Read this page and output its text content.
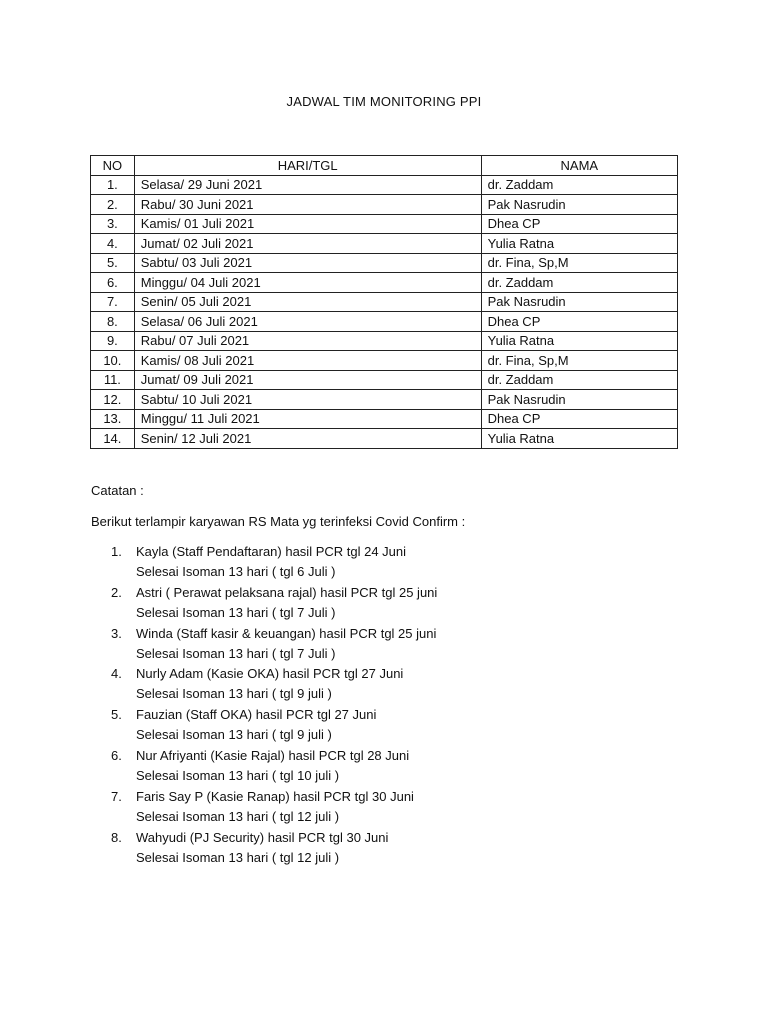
JADWAL TIM MONITORING PPI
NO	HARI/TGL	NAMA
1.	Selasa/ 29 Juni 2021	dr. Zaddam
2.	Rabu/ 30 Juni 2021	Pak Nasrudin
3.	Kamis/ 01 Juli 2021	Dhea CP
4.	Jumat/ 02 Juli 2021	Yulia Ratna
5.	Sabtu/ 03 Juli 2021	dr. Fina, Sp,M
6.	Minggu/ 04 Juli 2021	dr. Zaddam
7.	Senin/ 05 Juli 2021	Pak Nasrudin
8.	Selasa/ 06 Juli 2021	Dhea CP
9.	Rabu/ 07 Juli 2021	Yulia Ratna
10.	Kamis/ 08 Juli 2021	dr. Fina, Sp,M
11.	Jumat/ 09 Juli 2021	dr. Zaddam
12.	Sabtu/ 10 Juli 2021	Pak Nasrudin
13.	Minggu/ 11 Juli 2021	Dhea CP
14.	Senin/ 12 Juli 2021	Yulia Ratna
Catatan :
Berikut terlampir karyawan RS Mata yg terinfeksi Covid Confirm :
1.	Kayla (Staff Pendaftaran) hasil PCR tgl 24 Juni
Selesai Isoman 13 hari ( tgl 6 Juli )
2.	Astri ( Perawat pelaksana rajal) hasil PCR tgl 25 juni
Selesai Isoman 13 hari ( tgl 7 Juli )
3.	Winda (Staff kasir & keuangan) hasil PCR tgl 25 juni
Selesai Isoman 13 hari ( tgl 7 Juli )
4.	Nurly Adam (Kasie OKA) hasil PCR tgl 27 Juni
Selesai Isoman 13 hari ( tgl 9 juli )
5.	Fauzian (Staff OKA) hasil PCR tgl 27 Juni
Selesai Isoman 13 hari ( tgl 9 juli )
6.	Nur Afriyanti (Kasie Rajal) hasil PCR tgl 28 Juni
Selesai Isoman 13 hari ( tgl 10 juli )
7.	Faris Say P (Kasie Ranap) hasil PCR tgl 30 Juni
Selesai Isoman 13 hari ( tgl 12 juli )
8.	Wahyudi (PJ Security) hasil PCR tgl 30 Juni
Selesai Isoman 13 hari ( tgl 12 juli )
